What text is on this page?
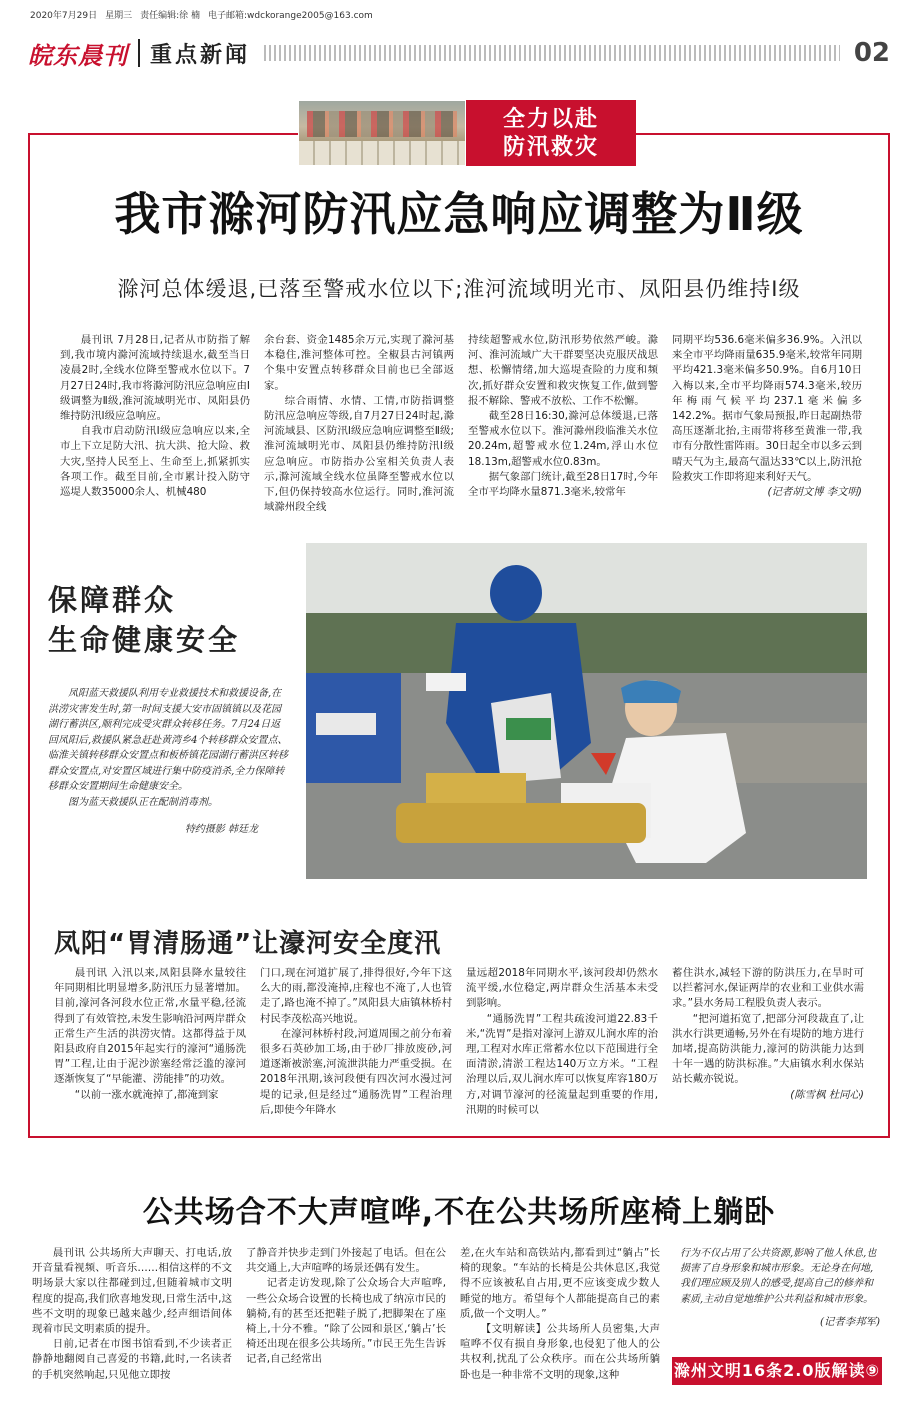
2020年7月29日 星期三 责任编辑:徐 楠 电子邮箱:wdckorange2005@163.com
皖东晨刊 重点新闻	02
全力以赴
防汛救灾
我市滁河防汛应急响应调整为Ⅱ级
滁河总体缓退,已落至警戒水位以下;淮河流域明光市、凤阳县仍维持Ⅰ级

晨刊讯 7月28日,记者从市防指了解到,我市境内滁河流域持续退水,截至当日凌晨2时,全线水位降至警戒水位以下。7月27日24时,我市将滁河防汛应急响应由Ⅰ级调整为Ⅱ级,淮河流域明光市、凤阳县仍维持防汛Ⅰ级应急响应。

自我市启动防汛Ⅰ级应急响应以来,全市上下立足防大汛、抗大洪、抢大险、救大灾,坚持人民至上、生命至上,抓紧抓实各项工作。截至目前,全市累计投入防守巡堤人数35000余人、机械480

余台套、资金1485余万元,实现了滁河基本稳住,淮河整体可控。全椒县古河镇两个集中安置点转移群众目前也已全部返家。

综合雨情、水情、工情,市防指调整防汛应急响应等级,自7月27日24时起,滁河流域县、区防汛Ⅰ级应急响应调整至Ⅱ级;淮河流域明光市、凤阳县仍维持防汛Ⅰ级应急响应。市防指办公室相关负责人表示,滁河流域全线水位虽降至警戒水位以下,但仍保持较高水位运行。同时,淮河流域滁州段全线

持续超警戒水位,防汛形势依然严峻。滁河、淮河流域广大干群要坚决克服厌战思想、松懈情绪,加大巡堤查险的力度和频次,抓好群众安置和救灾恢复工作,做到警报不解除、警戒不放松、工作不松懈。

截至28日16:30,滁河总体缓退,已落至警戒水位以下。淮河滁州段临淮关水位20.24m,超警戒水位1.24m,浮山水位18.13m,超警戒水位0.83m。

据气象部门统计,截至28日17时,今年全市平均降水量871.3毫米,较常年

同期平均536.6毫米偏多36.9%。入汛以来全市平均降雨量635.9毫米,较常年同期平均421.3毫米偏多50.9%。自6月10日入梅以来,全市平均降雨574.3毫米,较历年梅雨气候平均237.1毫米偏多142.2%。据市气象局预报,昨日起副热带高压逐渐北抬,主雨带将移至黄淮一带,我市有分散性雷阵雨。30日起全市以多云到晴天气为主,最高气温达33℃以上,防汛抢险救灾工作即将迎来利好天气。

(记者胡文博 李文明)
保障群众
生命健康安全

凤阳蓝天救援队利用专业救援技术和救援设备,在洪涝灾害发生时,第一时间支援大安市固镇镇以及花园湖行蓄洪区,顺利完成受灾群众转移任务。7月24日返回凤阳后,救援队紧急赶赴黄湾乡4个转移群众安置点、临淮关镇转移群众安置点和板桥镇花园湖行蓄洪区转移群众安置点,对安置区域进行集中防疫消杀,全力保障转移群众安置期间生命健康安全。

图为蓝天救援队正在配制消毒剂。

特约摄影 韩廷龙
凤阳“胃清肠通”让濠河安全度汛

晨刊讯 入汛以来,凤阳县降水量较往年同期相比明显增多,防汛压力显著增加。目前,濠河各河段水位正常,水量平稳,径流得到了有效管控,未发生影响沿河两岸群众正常生产生活的洪涝灾情。这都得益于凤阳县政府自2015年起实行的濠河“通肠洗胃”工程,让由于泥沙淤塞经常泛滥的濠河逐渐恢复了“早能灌、涝能排”的功效。

“以前一涨水就淹掉了,都淹到家

门口,现在河道扩展了,排得很好,今年下这么大的雨,都没淹掉,庄稼也不淹了,人也管走了,路也淹不掉了。”凤阳县大庙镇林桥村村民李茂松高兴地说。

在濠河林桥村段,河道周围之前分布着很多石英砂加工场,由于砂厂排放废砂,河道逐渐被淤塞,河流泄洪能力严重受损。在2018年汛期,该河段便有四次河水漫过河堤的记录,但是经过“通肠洗胃”工程治理后,即使今年降水

量远超2018年同期水平,该河段却仍然水流平缓,水位稳定,两岸群众生活基本未受到影响。

“通肠洗胃”工程共疏浚河道22.83千米,“洗胃”是指对濠河上游双儿涧水库的治理,工程对水库正常蓄水位以下范围进行全面清淤,清淤工程达140万立方米。“工程治理以后,双儿涧水库可以恢复库容180万方,对调节濠河的径流量起到重要的作用,汛期的时候可以

蓄住洪水,减轻下游的防洪压力,在旱时可以拦蓄河水,保证两岸的农业和工业供水需求。”县水务局工程股负责人表示。

“把河道拓宽了,把部分河段裁直了,让洪水行洪更通畅,另外在有堤防的地方进行加堵,提高防洪能力,濠河的防洪能力达到十年一遇的防洪标准。”大庙镇水利水保站站长戴亦锐说。

(陈雪枫 杜同心)
公共场合不大声喧哗,不在公共场所座椅上躺卧

晨刊讯 公共场所大声聊天、打电话,放开音量看视频、听音乐……相信这样的不文明场景大家以往都碰到过,但随着城市文明程度的提高,我们欣喜地发现,日常生活中,这些不文明的现象已越来越少,经声细语间体现着市民文明素质的提升。

日前,记者在市图书馆看到,不少读者正静静地翻阅自己喜爱的书籍,此时,一名读者的手机突然响起,只见他立即按

了静音并快步走到门外接起了电话。但在公共交通上,大声喧哗的场景还偶有发生。

记者走访发现,除了公众场合大声喧哗,一些公众场合设置的长椅也成了纳凉市民的躺椅,有的甚至还把鞋子脱了,把脚架在了座椅上,十分不雅。“除了公园和景区,‘躺占’长椅还出现在很多公共场所。”市民王先生告诉记者,自己经常出

差,在火车站和高铁站内,都看到过“躺占”长椅的现象。“车站的长椅是公共休息区,我觉得不应该被私自占用,更不应该变成少数人睡觉的地方。希望每个人都能提高自己的素质,做一个文明人。”

【文明解读】公共场所人员密集,大声喧哗不仅有损自身形象,也侵犯了他人的公共权利,扰乱了公众秩序。而在公共场所躺卧也是一种非常不文明的现象,这种

行为不仅占用了公共资源,影响了他人休息,也损害了自身形象和城市形象。无论身在何地,我们理应顾及别人的感受,提高自己的修养和素质,主动自觉地维护公共利益和城市形象。

(记者李邦军)
滁州文明16条2.0版解读⑨
